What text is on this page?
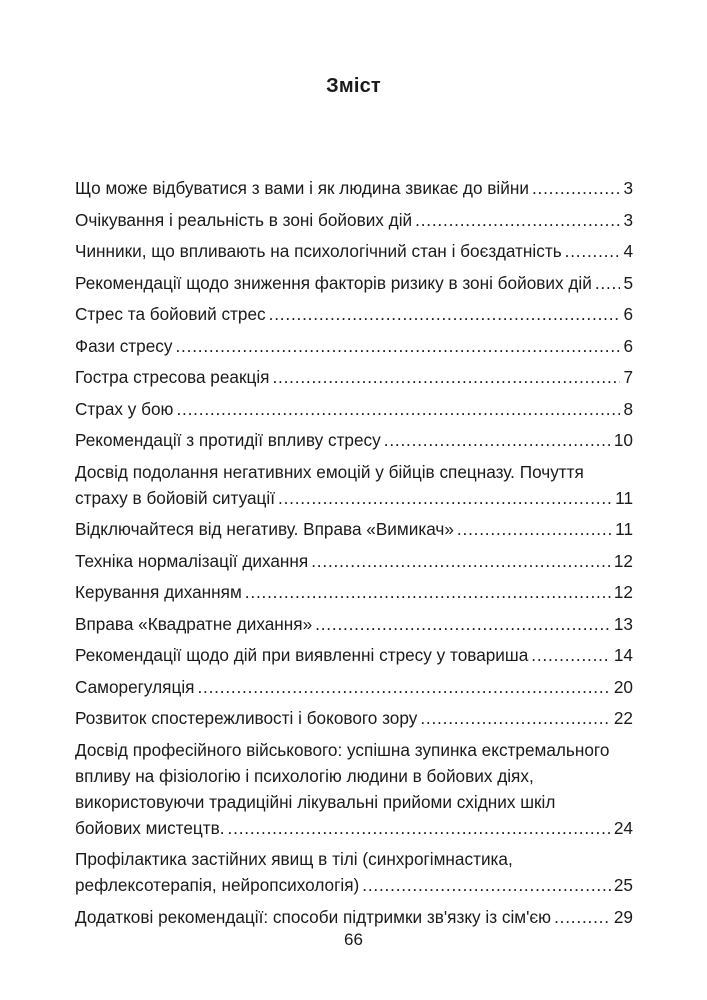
Зміст
Що може відбуватися з вами і як людина звикає до війни .....	3
Очікування і реальність в зоні бойових дій .....	3
Чинники, що впливають на психологічний стан і боєздатність .....	4
Рекомендації щодо зниження факторів ризику в зоні бойових дій ..... 5
Стрес та бойовий стрес .....	6
Фази стресу .....	6
Гостра стресова реакція .....	7
Страх у бою .....	8
Рекомендації з протидії впливу стресу .....	10
Досвід подолання негативних емоцій у бійців спецназу. Почуття
страху в бойовій ситуації .....	11
Відключайтеся від негативу. Вправа «Вимикач» .....	11
Техніка нормалізації дихання .....	12
Керування диханням .....	12
Вправа «Квадратне дихання» .....	13
Рекомендації щодо дій при виявленні стресу у товариша .....	14
Саморегуляція .....	20
Розвиток спостережливості і бокового зору .....	22
Досвід професійного військового: успішна зупинка екстремального
впливу на фізіологію і психологію людини в бойових діях,
використовуючи традиційні лікувальні прийоми східних шкіл
бойових мистецтв. .....	24
Профілактика застійних явищ в тілі (синхрогімнастика,
рефлексотерапія, нейропсихологія) .....	25
Додаткові рекомендації: способи підтримки зв'язку із сім'єю .....	29
66
